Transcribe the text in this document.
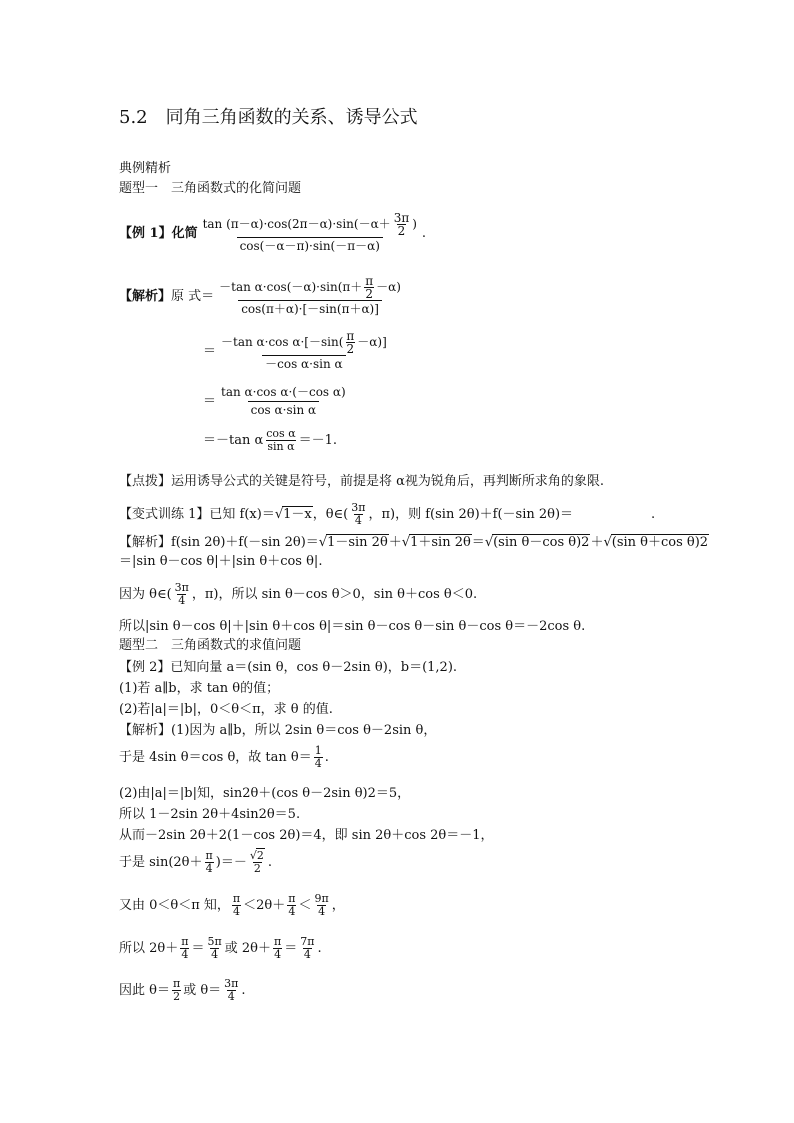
5.2　同角三角函数的关系、诱导公式
典例精析
题型一　三角函数式的化简问题
【例 1】化简 $\frac{\tan (\pi-\alpha)\cdot\cos(2\pi-\alpha)\cdot\sin(-\alpha+ \frac{3\pi}{2} )}{\cos(-\alpha-\pi)\cdot\sin(-\pi-\alpha)}$ .
【解析】原 式＝ $\frac{-\tan \alpha\cdot\cos(-\alpha)\cdot\sin(\pi+ \frac{\pi}{2} -\alpha)}{\cos(\pi+\alpha)\cdot[-\sin(\pi+\alpha)]}$
＝ $\frac{-\tan \alpha\cdot\cos \alpha\cdot[-\sin( \frac{\pi}{2} -\alpha)]}{\text{－cos α·sin α}}$
＝ $\frac{\text{tan α·cos α·(－cos α)}}{\text{cos α·sin α}}$
＝－tan α $\frac{\text{cos α}}{\text{sin α}} =-1$.
【点拨】运用诱导公式的关键是符号，前提是将 α视为锐角后，再判断所求角的象限.
【变式训练 1】已知 f(x)＝√1－x，θ∈( $\frac{3\pi}{4}$ ，π)，则 f(sin 2θ)＋f(－sin 2θ)＝　　　　　　.
【解析】f(sin 2θ)＋f(－sin 2θ)＝√1－sin 2θ＋√1＋sin 2θ＝√(sin θ－cos θ)2＋√(sin θ＋cos θ)2
＝|sin θ－cos θ|＋|sin θ＋cos θ|.
因为 θ∈( $\frac{3\pi}{4}$ ，π)，所以 sin θ－cos θ＞0，sin θ＋cos θ＜0.
所以|sin θ－cos θ|＋|sin θ＋cos θ|＝sin θ－cos θ－sin θ－cos θ＝－2cos θ.
题型二　三角函数式的求值问题
【例 2】已知向量 a＝(sin θ，cos θ－2sin θ)，b＝(1,2).
(1)若 a∥b，求 tan θ的值；
(2)若|a|＝|b|，0＜θ＜π，求 θ 的值.
【解析】(1)因为 a∥b，所以 2sin θ＝cos θ－2sin θ，
于是 4sin θ＝cos θ，故 $\tan \theta= \frac{1}{4}$ .
(2)由|a|＝|b|知，sin2θ＋(cos θ－2sin θ)2＝5，
所以 1－2sin 2θ＋4sin2θ＝5.
从而－2sin 2θ＋2(1－cos 2θ)＝4，即 sin 2θ＋cos 2θ＝－1，
于是 $\sin(2\theta+ \frac{\pi}{4}$ )＝－ $\frac{√2}{2}$ .
又由 0＜θ＜π 知， $\frac{\pi}{4} <2\theta+ \frac{\pi}{4} < \frac{9\pi}{4}$ ，
所以 $2\theta+ \frac{\pi}{4} = \frac{5\pi}{4}$ 或 $2\theta+ \frac{\pi}{4} = \frac{7\pi}{4}$ .
因此 $\theta= \frac{\pi}{2}$ 或 $\theta= \frac{3\pi}{4}$ .
